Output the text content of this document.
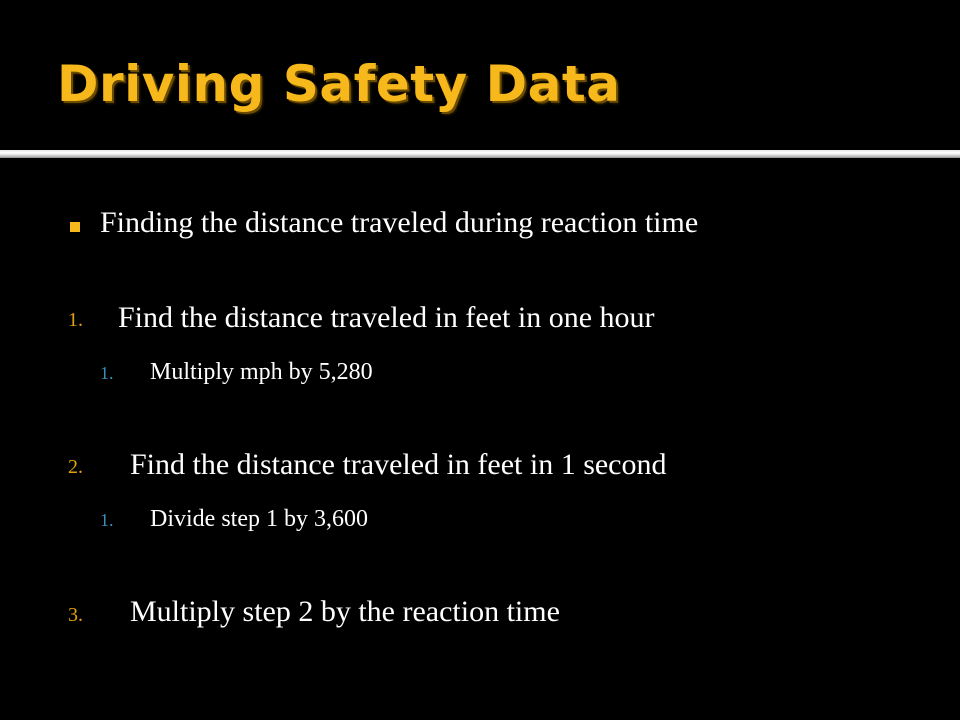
Driving Safety Data
Finding the distance traveled during reaction time
1. Find the distance traveled in feet in one hour
1. Multiply mph by 5,280
2. Find the distance traveled in feet in 1 second
1. Divide step 1 by 3,600
3. Multiply step 2 by the reaction time
